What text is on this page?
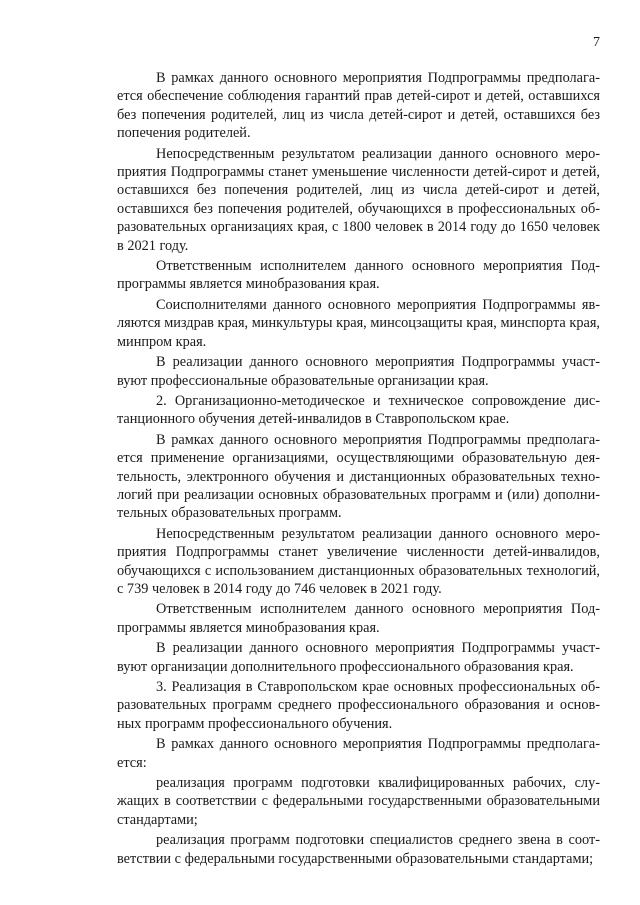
7

В рамках данного основного мероприятия Подпрограммы предполагается обеспечение соблюдения гарантий прав детей-сирот и детей, оставшихся без попечения родителей, лиц из числа детей-сирот и детей, оставшихся без попечения родителей.

Непосредственным результатом реализации данного основного мероприятия Подпрограммы станет уменьшение численности детей-сирот и детей, оставшихся без попечения родителей, лиц из числа детей-сирот и детей, оставшихся без попечения родителей, обучающихся в профессиональных образовательных организациях края, с 1800 человек в 2014 году до 1650 человек в 2021 году.

Ответственным исполнителем данного основного мероприятия Подпрограммы является минобразования края.

Соисполнителями данного основного мероприятия Подпрограммы являются миздрав края, минкультуры края, минсоцзащиты края, минспорта края, минпром края.

В реализации данного основного мероприятия Подпрограммы участвуют профессиональные образовательные организации края.

2. Организационно-методическое и техническое сопровождение дистанционного обучения детей-инвалидов в Ставропольском крае.

В рамках данного основного мероприятия Подпрограммы предполагается применение организациями, осуществляющими образовательную деятельность, электронного обучения и дистанционных образовательных технологий при реализации основных образовательных программ и (или) дополнительных образовательных программ.

Непосредственным результатом реализации данного основного мероприятия Подпрограммы станет увеличение численности детей-инвалидов, обучающихся с использованием дистанционных образовательных технологий, с 739 человек в 2014 году до 746 человек в 2021 году.

Ответственным исполнителем данного основного мероприятия Подпрограммы является минобразования края.

В реализации данного основного мероприятия Подпрограммы участвуют организации дополнительного профессионального образования края.

3. Реализация в Ставропольском крае основных профессиональных образовательных программ среднего профессионального образования и основных программ профессионального обучения.

В рамках данного основного мероприятия Подпрограммы предполагается:

реализация программ подготовки квалифицированных рабочих, служащих в соответствии с федеральными государственными образовательными стандартами;

реализация программ подготовки специалистов среднего звена в соответствии с федеральными государственными образовательными стандартами;
